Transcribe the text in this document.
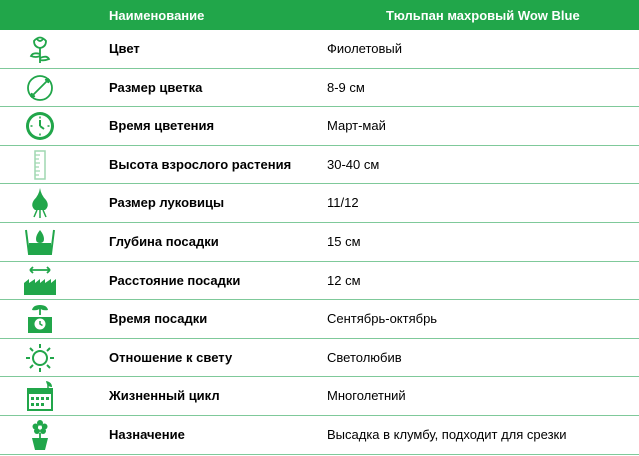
Наименование	Тюльпан махровый Wow Blue
Цвет	Фиолетовый
Размер цветка	8-9 см
Время цветения	Март-май
Высота взрослого растения	30-40 см
Размер луковицы	11/12
Глубина посадки	15 см
Расстояние посадки	12 см
Время посадки	Сентябрь-октябрь
Отношение к свету	Светолюбив
Жизненный цикл	Многолетний
Назначение	Высадка в клумбу, подходит для срезки
